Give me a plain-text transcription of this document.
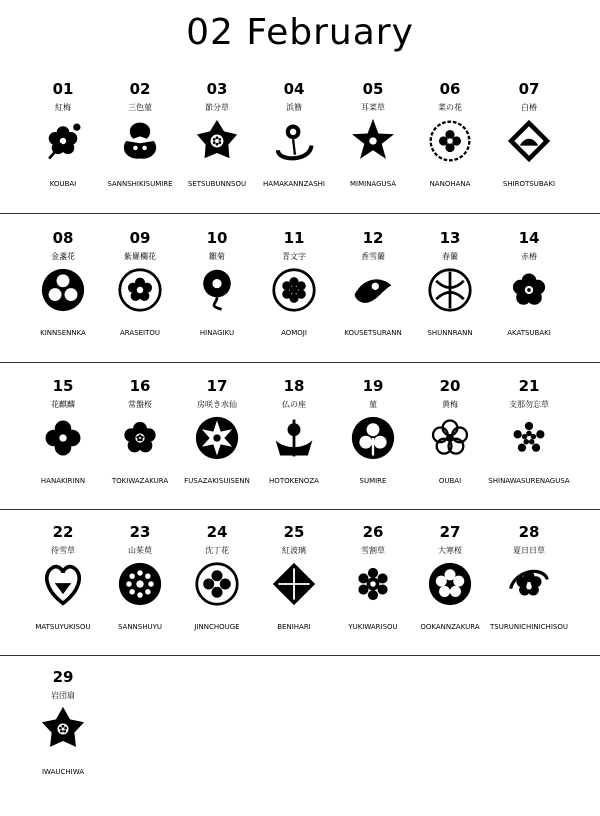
02 February
01
紅梅
KOUBAI
02
三色菫
SANNSHIKISUMIRE
03
節分草
SETSUBUNNSOU
04
浜簪
HAMAKANNZASHI
05
耳菜草
MIMINAGUSA
06
菜の花
NANOHANA
07
白椿
SHIROTSUBAKI
08
金盞花
KINNSENNKA
09
紫羅欄花
ARASEITOU
10
雛菊
HINAGIKU
11
青文字
AOMOJI
12
香雪蘭
KOUSETSURANN
13
春蘭
SHUNNRANN
14
赤椿
AKATSUBAKI
15
花麒麟
HANAKIRINN
16
常盤桜
TOKIWAZAKURA
17
房咲き水仙
FUSAZAKISUISENN
18
仏の座
HOTOKENOZA
19
菫
SUMIRE
20
黄梅
OUBAI
21
支那勿忘草
SHINAWASURENAGUSA
22
待雪草
MATSUYUKISOU
23
山茱萸
SANNSHUYU
24
沈丁花
JINNCHOUGE
25
紅波璃
BENIHARI
26
雪割草
YUKIWARISOU
27
大寒桜
OOKANNZAKURA
28
夏日日草
TSURUNICHINICHISOU
29
岩団扇
IWAUCHIWA
